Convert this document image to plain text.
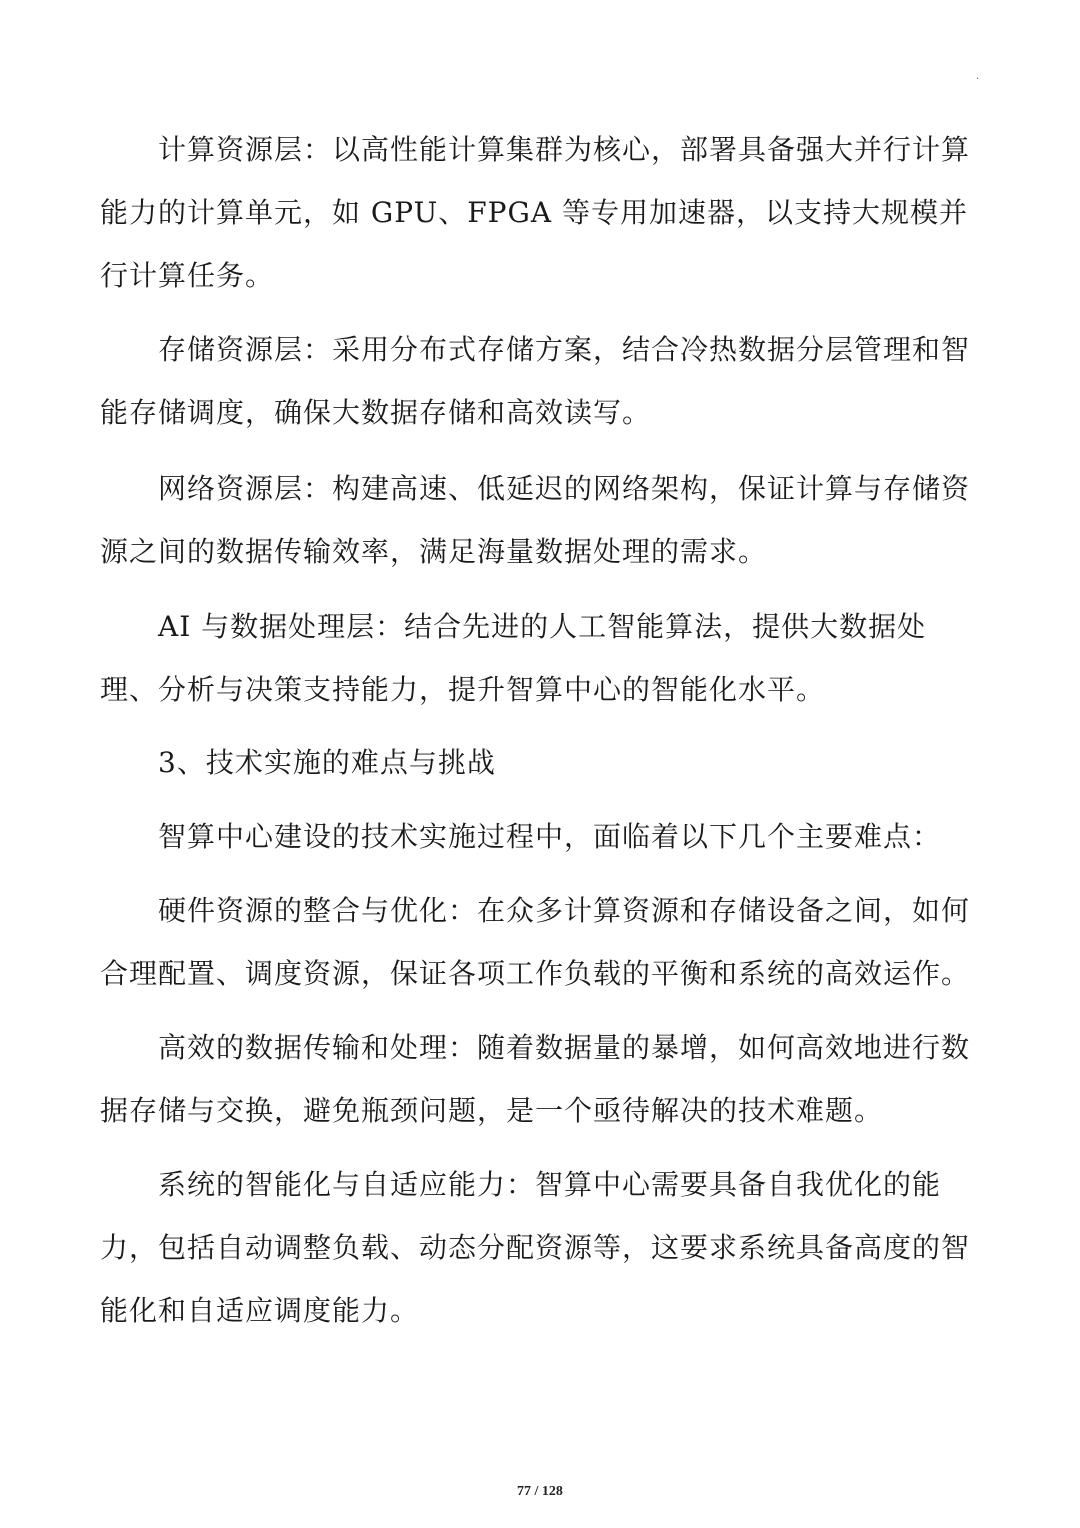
.

计算资源层：以高性能计算集群为核心，部署具备强大并行计算能力的计算单元，如 GPU、FPGA 等专用加速器，以支持大规模并行计算任务。

存储资源层：采用分布式存储方案，结合冷热数据分层管理和智能存储调度，确保大数据存储和高效读写。

网络资源层：构建高速、低延迟的网络架构，保证计算与存储资源之间的数据传输效率，满足海量数据处理的需求。

AI 与数据处理层：结合先进的人工智能算法，提供大数据处理、分析与决策支持能力，提升智算中心的智能化水平。

3、技术实施的难点与挑战

智算中心建设的技术实施过程中，面临着以下几个主要难点：

硬件资源的整合与优化：在众多计算资源和存储设备之间，如何合理配置、调度资源，保证各项工作负载的平衡和系统的高效运作。

高效的数据传输和处理：随着数据量的暴增，如何高效地进行数据存储与交换，避免瓶颈问题，是一个亟待解决的技术难题。

系统的智能化与自适应能力：智算中心需要具备自我优化的能力，包括自动调整负载、动态分配资源等，这要求系统具备高度的智能化和自适应调度能力。

77 / 128
